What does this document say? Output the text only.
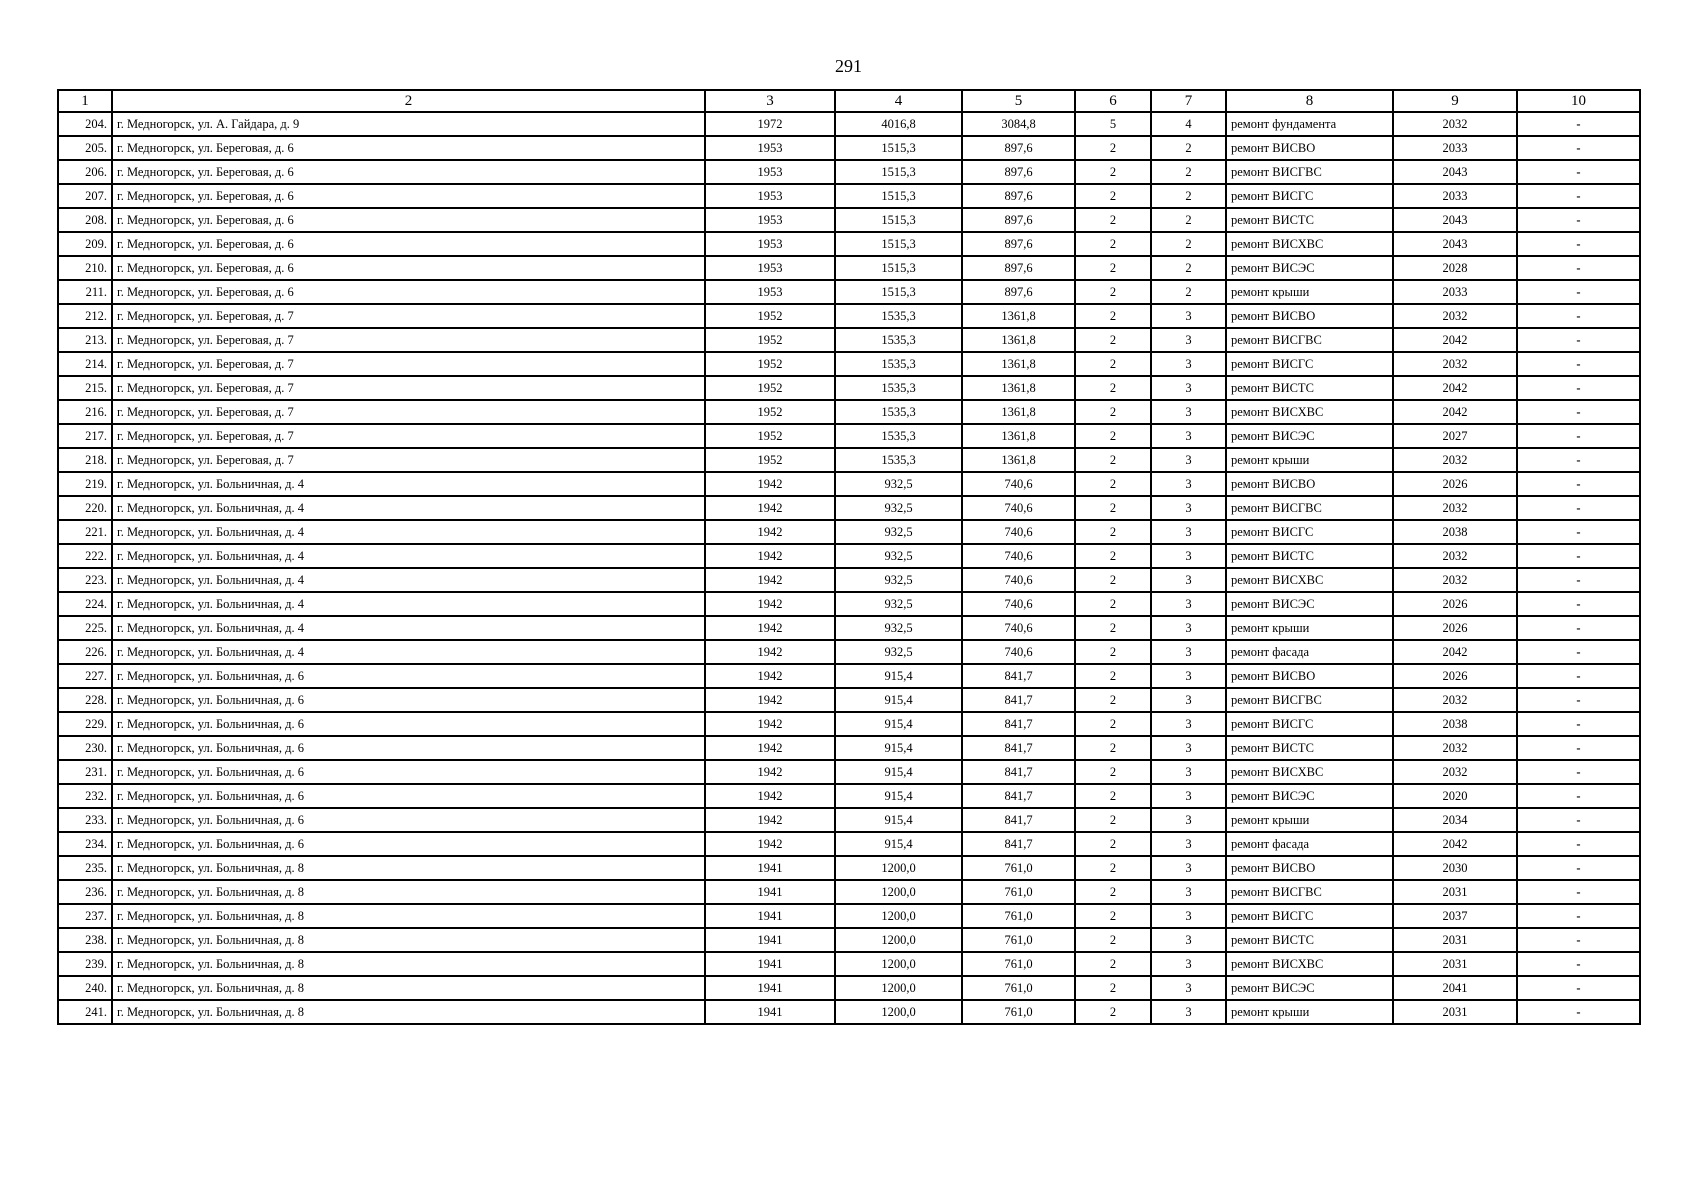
291
1	2	3	4	5	6	7	8	9	10
204.	г. Медногорск, ул. А. Гайдара, д. 9	1972	4016,8	3084,8	5	4	ремонт фундамента	2032	-
205.	г. Медногорск, ул. Береговая, д. 6	1953	1515,3	897,6	2	2	ремонт ВИСВО	2033	-
206.	г. Медногорск, ул. Береговая, д. 6	1953	1515,3	897,6	2	2	ремонт ВИСГВС	2043	-
207.	г. Медногорск, ул. Береговая, д. 6	1953	1515,3	897,6	2	2	ремонт ВИСГС	2033	-
208.	г. Медногорск, ул. Береговая, д. 6	1953	1515,3	897,6	2	2	ремонт ВИСТС	2043	-
209.	г. Медногорск, ул. Береговая, д. 6	1953	1515,3	897,6	2	2	ремонт ВИСХВС	2043	-
210.	г. Медногорск, ул. Береговая, д. 6	1953	1515,3	897,6	2	2	ремонт ВИСЭС	2028	-
211.	г. Медногорск, ул. Береговая, д. 6	1953	1515,3	897,6	2	2	ремонт крыши	2033	-
212.	г. Медногорск, ул. Береговая, д. 7	1952	1535,3	1361,8	2	3	ремонт ВИСВО	2032	-
213.	г. Медногорск, ул. Береговая, д. 7	1952	1535,3	1361,8	2	3	ремонт ВИСГВС	2042	-
214.	г. Медногорск, ул. Береговая, д. 7	1952	1535,3	1361,8	2	3	ремонт ВИСГС	2032	-
215.	г. Медногорск, ул. Береговая, д. 7	1952	1535,3	1361,8	2	3	ремонт ВИСТС	2042	-
216.	г. Медногорск, ул. Береговая, д. 7	1952	1535,3	1361,8	2	3	ремонт ВИСХВС	2042	-
217.	г. Медногорск, ул. Береговая, д. 7	1952	1535,3	1361,8	2	3	ремонт ВИСЭС	2027	-
218.	г. Медногорск, ул. Береговая, д. 7	1952	1535,3	1361,8	2	3	ремонт крыши	2032	-
219.	г. Медногорск, ул. Больничная, д. 4	1942	932,5	740,6	2	3	ремонт ВИСВО	2026	-
220.	г. Медногорск, ул. Больничная, д. 4	1942	932,5	740,6	2	3	ремонт ВИСГВС	2032	-
221.	г. Медногорск, ул. Больничная, д. 4	1942	932,5	740,6	2	3	ремонт ВИСГС	2038	-
222.	г. Медногорск, ул. Больничная, д. 4	1942	932,5	740,6	2	3	ремонт ВИСТС	2032	-
223.	г. Медногорск, ул. Больничная, д. 4	1942	932,5	740,6	2	3	ремонт ВИСХВС	2032	-
224.	г. Медногорск, ул. Больничная, д. 4	1942	932,5	740,6	2	3	ремонт ВИСЭС	2026	-
225.	г. Медногорск, ул. Больничная, д. 4	1942	932,5	740,6	2	3	ремонт крыши	2026	-
226.	г. Медногорск, ул. Больничная, д. 4	1942	932,5	740,6	2	3	ремонт фасада	2042	-
227.	г. Медногорск, ул. Больничная, д. 6	1942	915,4	841,7	2	3	ремонт ВИСВО	2026	-
228.	г. Медногорск, ул. Больничная, д. 6	1942	915,4	841,7	2	3	ремонт ВИСГВС	2032	-
229.	г. Медногорск, ул. Больничная, д. 6	1942	915,4	841,7	2	3	ремонт ВИСГС	2038	-
230.	г. Медногорск, ул. Больничная, д. 6	1942	915,4	841,7	2	3	ремонт ВИСТС	2032	-
231.	г. Медногорск, ул. Больничная, д. 6	1942	915,4	841,7	2	3	ремонт ВИСХВС	2032	-
232.	г. Медногорск, ул. Больничная, д. 6	1942	915,4	841,7	2	3	ремонт ВИСЭС	2020	-
233.	г. Медногорск, ул. Больничная, д. 6	1942	915,4	841,7	2	3	ремонт крыши	2034	-
234.	г. Медногорск, ул. Больничная, д. 6	1942	915,4	841,7	2	3	ремонт фасада	2042	-
235.	г. Медногорск, ул. Больничная, д. 8	1941	1200,0	761,0	2	3	ремонт ВИСВО	2030	-
236.	г. Медногорск, ул. Больничная, д. 8	1941	1200,0	761,0	2	3	ремонт ВИСГВС	2031	-
237.	г. Медногорск, ул. Больничная, д. 8	1941	1200,0	761,0	2	3	ремонт ВИСГС	2037	-
238.	г. Медногорск, ул. Больничная, д. 8	1941	1200,0	761,0	2	3	ремонт ВИСТС	2031	-
239.	г. Медногорск, ул. Больничная, д. 8	1941	1200,0	761,0	2	3	ремонт ВИСХВС	2031	-
240.	г. Медногорск, ул. Больничная, д. 8	1941	1200,0	761,0	2	3	ремонт ВИСЭС	2041	-
241.	г. Медногорск, ул. Больничная, д. 8	1941	1200,0	761,0	2	3	ремонт крыши	2031	-
